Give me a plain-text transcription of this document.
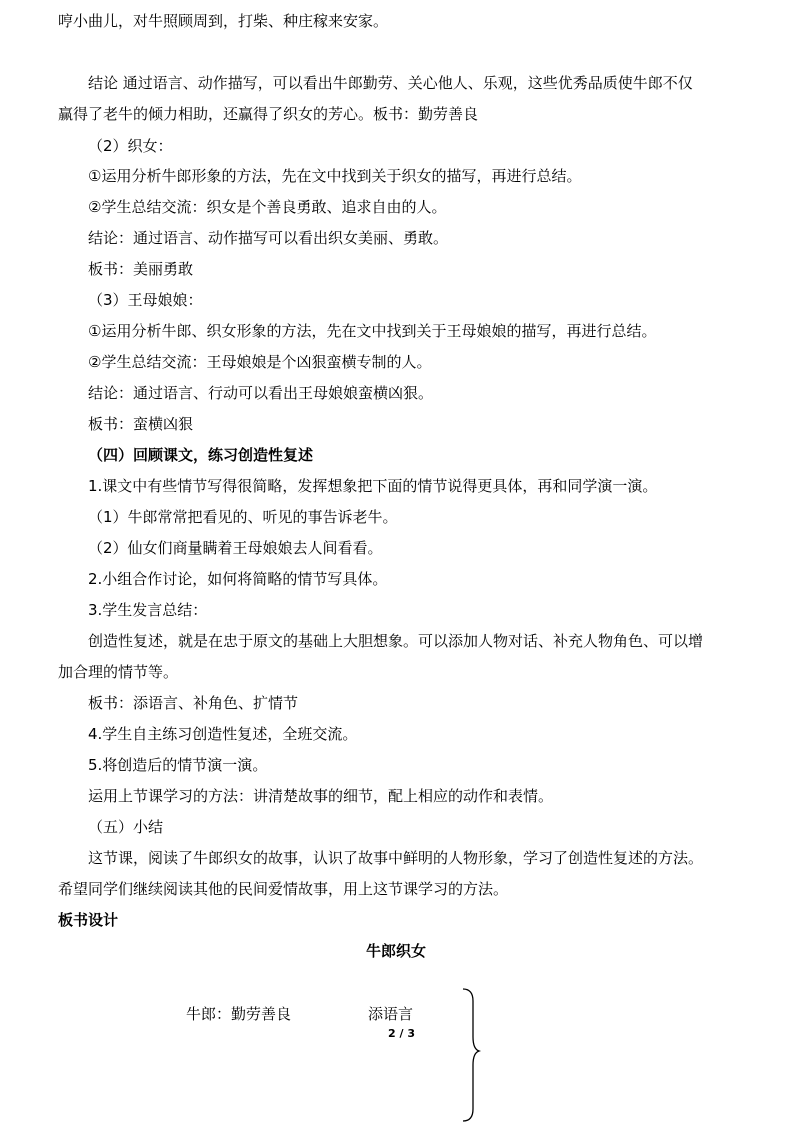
哼小曲儿，对牛照顾周到，打柴、种庄稼来安家。
结论 通过语言、动作描写，可以看出牛郎勤劳、关心他人、乐观，这些优秀品质使牛郎不仅
赢得了老牛的倾力相助，还赢得了织女的芳心。板书：勤劳善良
（2）织女：
①运用分析牛郎形象的方法，先在文中找到关于织女的描写，再进行总结。
②学生总结交流：织女是个善良勇敢、追求自由的人。
结论：通过语言、动作描写可以看出织女美丽、勇敢。
板书：美丽勇敢
（3）王母娘娘：
①运用分析牛郎、织女形象的方法，先在文中找到关于王母娘娘的描写，再进行总结。
②学生总结交流：王母娘娘是个凶狠蛮横专制的人。
结论：通过语言、行动可以看出王母娘娘蛮横凶狠。
板书：蛮横凶狠
（四）回顾课文，练习创造性复述
1.课文中有些情节写得很简略，发挥想象把下面的情节说得更具体，再和同学演一演。
（1）牛郎常常把看见的、听见的事告诉老牛。
（2）仙女们商量瞒着王母娘娘去人间看看。
2.小组合作讨论，如何将简略的情节写具体。
3.学生发言总结：
创造性复述，就是在忠于原文的基础上大胆想象。可以添加人物对话、补充人物角色、可以增
加合理的情节等。
板书：添语言、补角色、扩情节
4.学生自主练习创造性复述，全班交流。
5.将创造后的情节演一演。
运用上节课学习的方法：讲清楚故事的细节，配上相应的动作和表情。
（五）小结
这节课，阅读了牛郎织女的故事，认识了故事中鲜明的人物形象，学习了创造性复述的方法。
希望同学们继续阅读其他的民间爱情故事，用上这节课学习的方法。
板书设计
牛郎织女
牛郎：勤劳善良	添语言
2 / 3
